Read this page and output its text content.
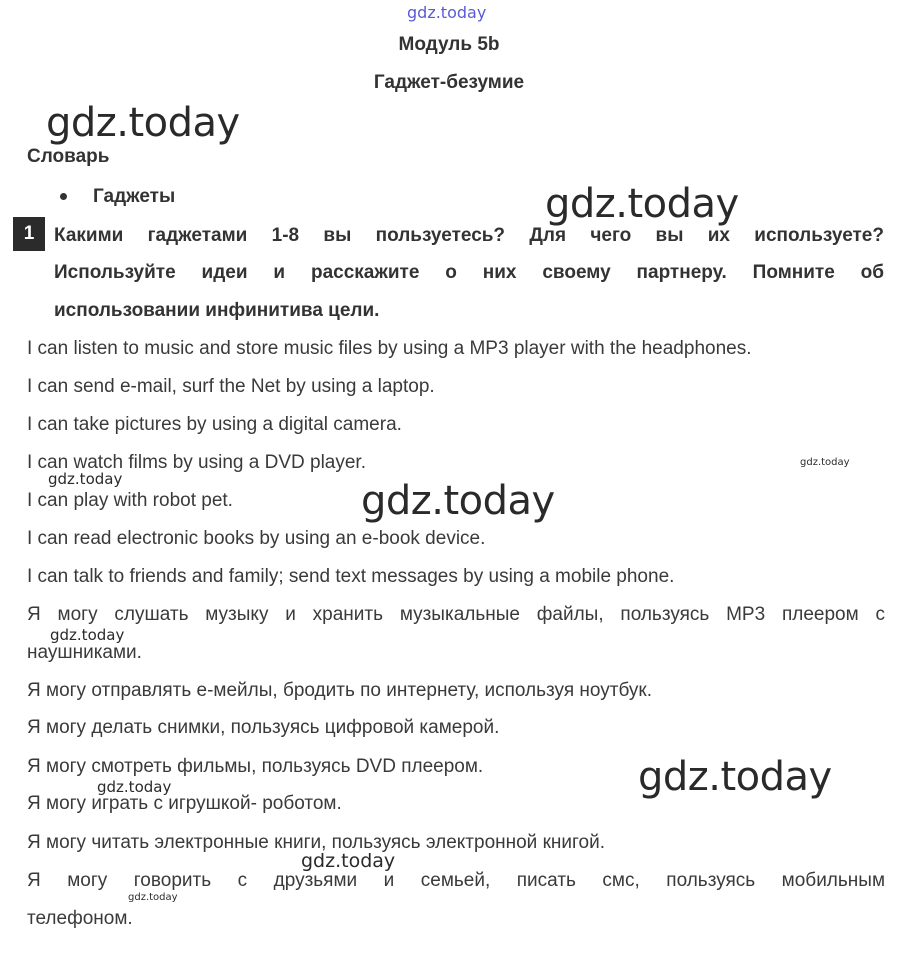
gdz.today
gdz.today
gdz.today
gdz.today
gdz.today	gdz.today
gdz.today
gdz.today
gdz.today
gdz.today
gdz.today
Модуль 5b
Гаджет-безумие
Словарь
Гаджеты
1	Какими гаджетами 1-8 вы пользуетесь? Для чего вы их используете?
Используйте идеи и расскажите о них своему партнеру. Помните об
использовании инфинитива цели.
I can listen to music and store music files by using a MP3 player with the headphones.
I can send e-mail, surf the Net by using a laptop.
I can take pictures by using a digital camera.
I can watch films by using a DVD player.
I can play with robot pet.
I can read electronic books by using an e-book device.
I can talk to friends and family; send text messages by using a mobile phone.
Я могу слушать музыку и хранить музыкальные файлы, пользуясь MP3 плеером с
наушниками.
Я могу отправлять е-мейлы, бродить по интернету, используя ноутбук.
Я могу делать снимки, пользуясь цифровой камерой.
Я могу смотреть фильмы, пользуясь DVD плеером.
Я могу играть с игрушкой- роботом.
Я могу читать электронные книги, пользуясь электронной книгой.
Я могу говорить с друзьями и семьей, писать смс, пользуясь мобильным
телефоном.
